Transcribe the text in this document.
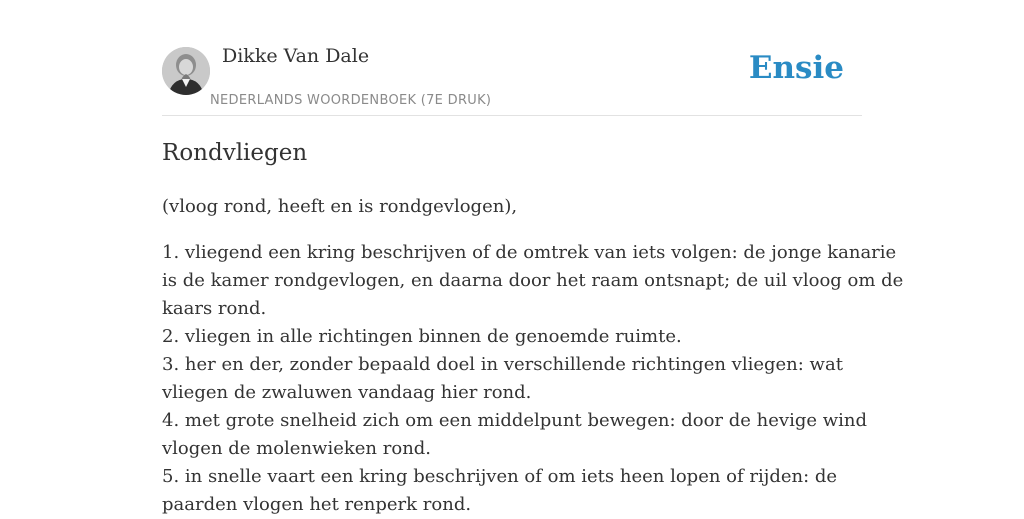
Dikke Van Dale
NEDERLANDS WOORDENBOEK (7E DRUK)
Ensie
Rondvliegen

(vloog rond, heeft en is rondgevlogen),

1. vliegend een kring beschrijven of de omtrek van iets volgen: de jonge kanarie
is de kamer rondgevlogen, en daarna door het raam ontsnapt; de uil vloog om de
kaars rond.
2. vliegen in alle richtingen binnen de genoemde ruimte.
3. her en der, zonder bepaald doel in verschillende richtingen vliegen: wat
vliegen de zwaluwen vandaag hier rond.
4. met grote snelheid zich om een middelpunt bewegen: door de hevige wind
vlogen de molenwieken rond.
5. in snelle vaart een kring beschrijven of om iets heen lopen of rijden: de
paarden vlogen het renperk rond.
